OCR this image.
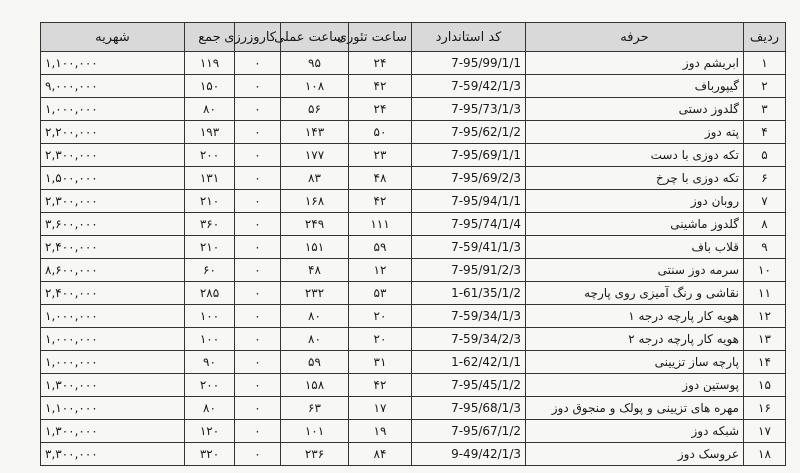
ردیف	حرفه	کد استاندارد	ساعت تئوری	ساعت عملی	کاروزرزی	جمع	شهریه
۱	ابریشم دوز	7-95/99/1/1	۲۴	۹۵	۰	۱۱۹	۱,۱۰۰,۰۰۰
۲	گیپورباف	7-59/42/1/3	۴۲	۱۰۸	۰	۱۵۰	۹,۰۰۰,۰۰۰
۳	گلدوز دستی	7-95/73/1/3	۲۴	۵۶	۰	۸۰	۱,۰۰۰,۰۰۰
۴	پته دوز	7-95/62/1/2	۵۰	۱۴۳	۰	۱۹۳	۲,۲۰۰,۰۰۰
۵	تکه دوزی با دست	7-95/69/1/1	۲۳	۱۷۷	۰	۲۰۰	۲,۳۰۰,۰۰۰
۶	تکه دوزی با چرخ	7-95/69/2/3	۴۸	۸۳	۰	۱۳۱	۱,۵۰۰,۰۰۰
۷	روبان دوز	7-95/94/1/1	۴۲	۱۶۸	۰	۲۱۰	۲,۳۰۰,۰۰۰
۸	گلدوز ماشینی	7-95/74/1/4	۱۱۱	۲۴۹	۰	۳۶۰	۳,۶۰۰,۰۰۰
۹	قلاب باف	7-59/41/1/3	۵۹	۱۵۱	۰	۲۱۰	۲,۴۰۰,۰۰۰
۱۰	سرمه دوز سنتی	7-95/91/2/3	۱۲	۴۸	۰	۶۰	۸,۶۰۰,۰۰۰
۱۱	نقاشی و رنگ آمیزی روی پارچه	1-61/35/1/2	۵۳	۲۳۲	۰	۲۸۵	۲,۴۰۰,۰۰۰
۱۲	هویه کار پارچه درجه ۱	7-59/34/1/3	۲۰	۸۰	۰	۱۰۰	۱,۰۰۰,۰۰۰
۱۳	هویه کار پارچه درجه ۲	7-59/34/2/3	۲۰	۸۰	۰	۱۰۰	۱,۰۰۰,۰۰۰
۱۴	پارچه ساز تزیینی	1-62/42/1/1	۳۱	۵۹	۰	۹۰	۱,۰۰۰,۰۰۰
۱۵	پوستین دوز	7-95/45/1/2	۴۲	۱۵۸	۰	۲۰۰	۱,۳۰۰,۰۰۰
۱۶	مهره های تزیینی و پولک و منجوق دوز	7-95/68/1/3	۱۷	۶۳	۰	۸۰	۱,۱۰۰,۰۰۰
۱۷	شبکه دوز	7-95/67/1/2	۱۹	۱۰۱	۰	۱۲۰	۱,۳۰۰,۰۰۰
۱۸	عروسک دوز	9-49/42/1/3	۸۴	۲۳۶	۰	۳۲۰	۳,۳۰۰,۰۰۰
